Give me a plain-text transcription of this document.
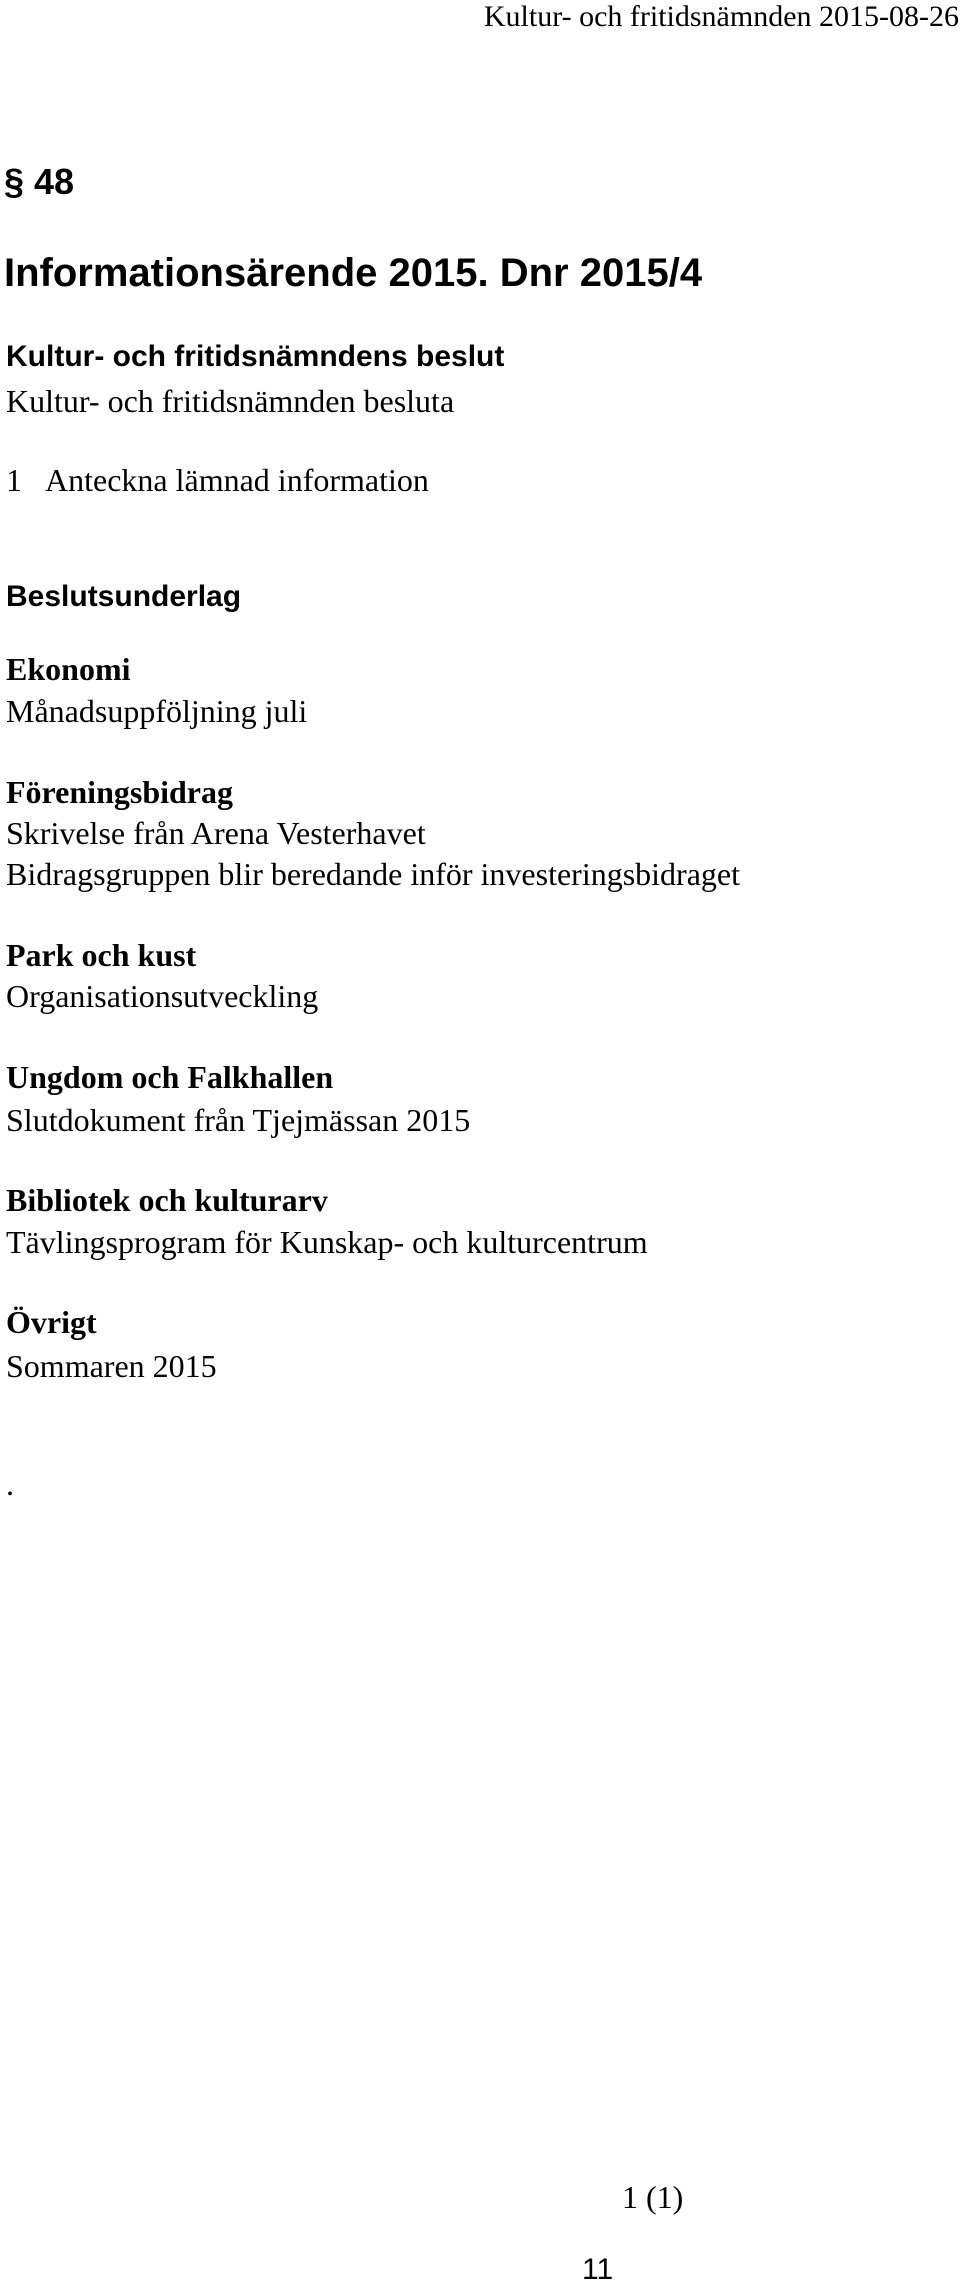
Kultur- och fritidsnämnden 2015-08-26
§ 48
Informationsärende 2015. Dnr 2015/4
Kultur- och fritidsnämndens beslut
Kultur- och fritidsnämnden besluta
1 Anteckna lämnad information
Beslutsunderlag
Ekonomi
Månadsuppföljning juli
Föreningsbidrag
Skrivelse från Arena Vesterhavet
Bidragsgruppen blir beredande inför investeringsbidraget
Park och kust
Organisationsutveckling
Ungdom och Falkhallen
Slutdokument från Tjejmässan 2015
Bibliotek och kulturarv
Tävlingsprogram för Kunskap- och kulturcentrum
Övrigt
Sommaren 2015
.
1 (1)
11
